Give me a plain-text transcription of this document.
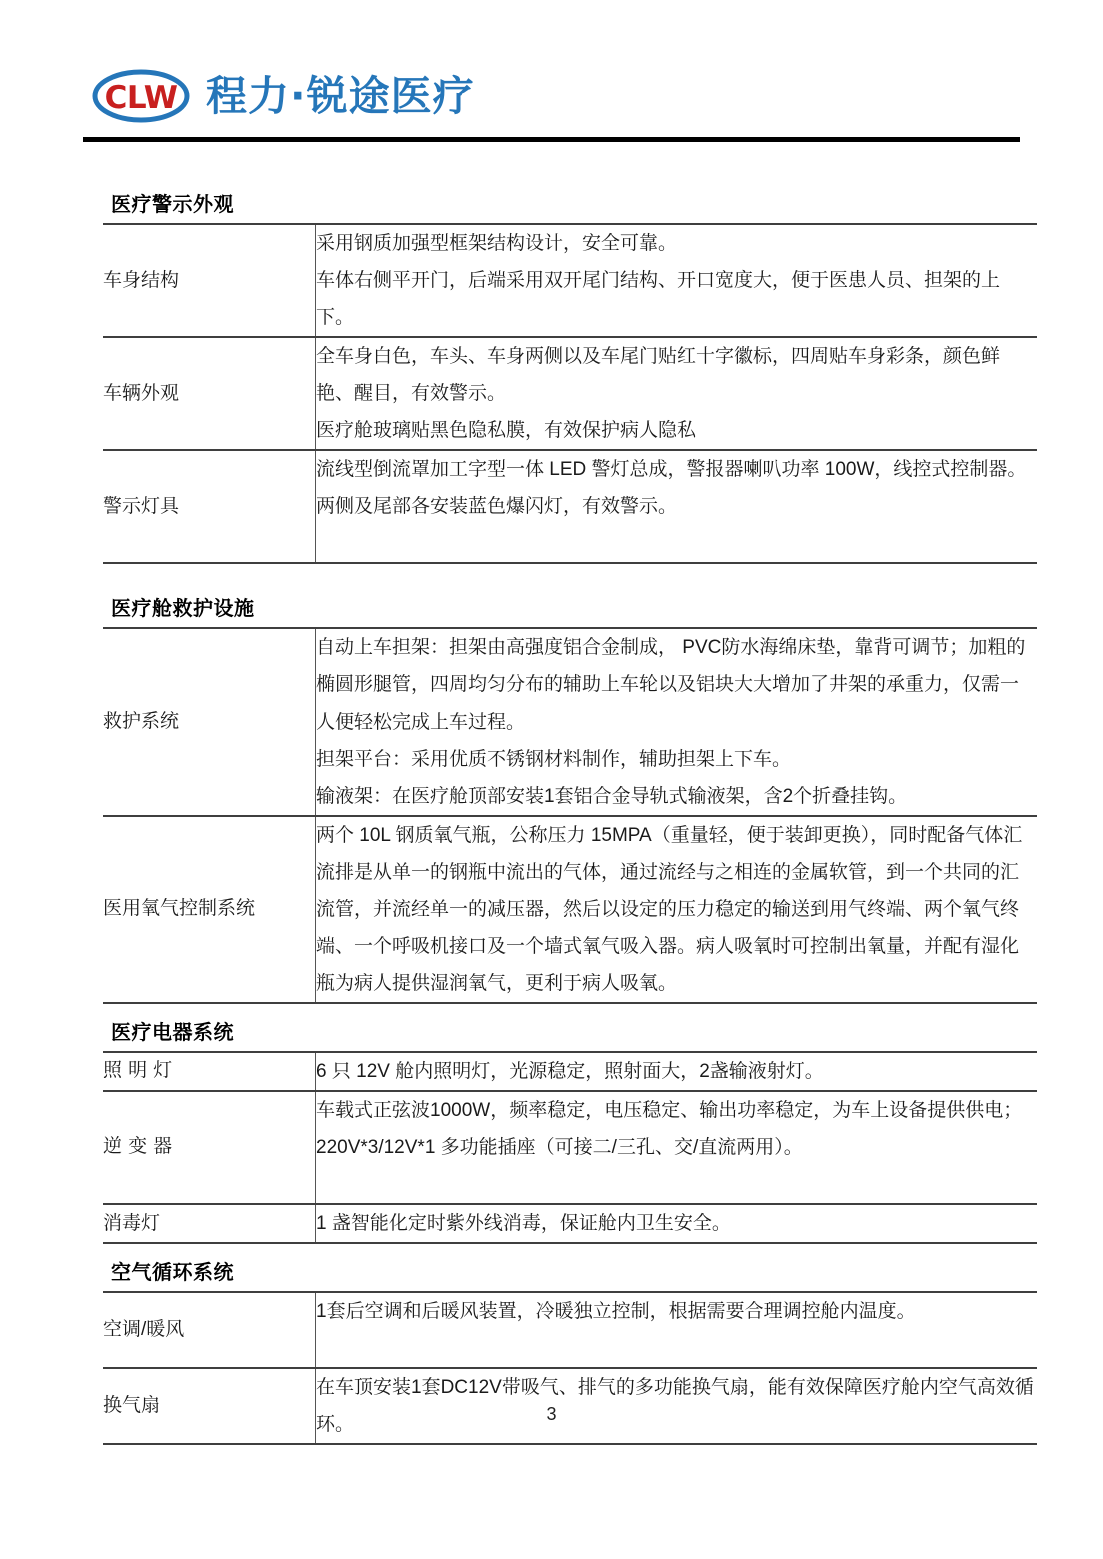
CLW 程力·锐途医疗
医疗警示外观
车身结构	采用钢质加强型框架结构设计，安全可靠。

车体右侧平开门，后端采用双开尾门结构、开口宽度大，便于医患人员、担架的上下。

车辆外观	全车身白色，车头、车身两侧以及车尾门贴红十字徽标，四周贴车身彩条，颜色鲜艳、醒目，有效警示。

医疗舱玻璃贴黑色隐私膜，有效保护病人隐私

警示灯具	流线型倒流罩加工字型一体 LED 警灯总成，警报器喇叭功率 100W，线控式控制器。两侧及尾部各安装蓝色爆闪灯，有效警示。

医疗舱救护设施
救护系统	自动上车担架：担架由高强度铝合金制成， PVC防水海绵床垫，靠背可调节；加粗的椭圆形腿管，四周均匀分布的辅助上车轮以及铝块大大增加了井架的承重力，仅需一人便轻松完成上车过程。

担架平台：采用优质不锈钢材料制作，辅助担架上下车。

输液架：在医疗舱顶部安装1套铝合金导轨式输液架，含2个折叠挂钩。

医用氧气控制系统	两个 10L 钢质氧气瓶，公称压力 15MPA（重量轻，便于装卸更换），同时配备气体汇流排是从单一的钢瓶中流出的气体，通过流经与之相连的金属软管，到一个共同的汇流管，并流经单一的减压器，然后以设定的压力稳定的输送到用气终端、两个氧气终端、一个呼吸机接口及一个墙式氧气吸入器。病人吸氧时可控制出氧量，并配有湿化瓶为病人提供湿润氧气，更利于病人吸氧。

医疗电器系统
照明灯	6 只 12V 舱内照明灯，光源稳定，照射面大，2盏输液射灯。

逆变器	车载式正弦波1000W，频率稳定，电压稳定、输出功率稳定，为车上设备提供供电；220V*3/12V*1 多功能插座（可接二/三孔、交/直流两用）。

消毒灯	1 盏智能化定时紫外线消毒，保证舱内卫生安全。

空气循环系统
空调/暖风	1套后空调和后暖风装置，冷暖独立控制，根据需要合理调控舱内温度。

换气扇	在车顶安装1套DC12V带吸气、排气的多功能换气扇，能有效保障医疗舱内空气高效循环。

3
